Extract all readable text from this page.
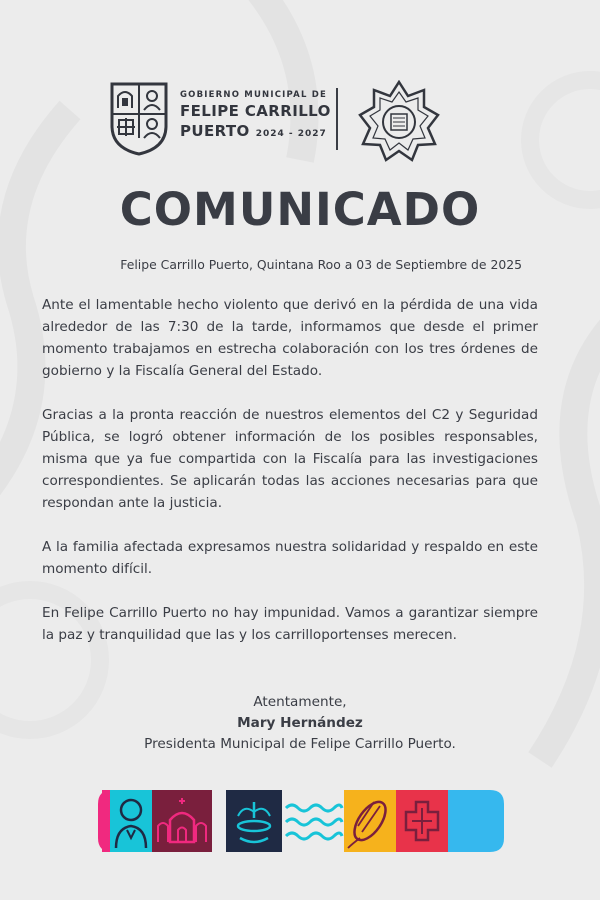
GOBIERNO MUNICIPAL DE
FELIPE CARRILLO
PUERTO 2024 - 2027
COMUNICADO
Felipe Carrillo Puerto, Quintana Roo a 03 de Septiembre de 2025

Ante el lamentable hecho violento que derivó en la pérdida de una vida alrededor de las 7:30 de la tarde, informamos que desde el primer momento trabajamos en estrecha colaboración con los tres órdenes de gobierno y la Fiscalía General del Estado.

Gracias a la pronta reacción de nuestros elementos del C2 y Seguridad Pública, se logró obtener información de los posibles responsables, misma que ya fue compartida con la Fiscalía para las investigaciones correspondientes. Se aplicarán todas las acciones necesarias para que respondan ante la justicia.

A la familia afectada expresamos nuestra solidaridad y respaldo en este momento difícil.

En Felipe Carrillo Puerto no hay impunidad. Vamos a garantizar siempre la paz y tranquilidad que las y los carrilloportenses merecen.

Atentamente,
Mary Hernández
Presidenta Municipal de Felipe Carrillo Puerto.
